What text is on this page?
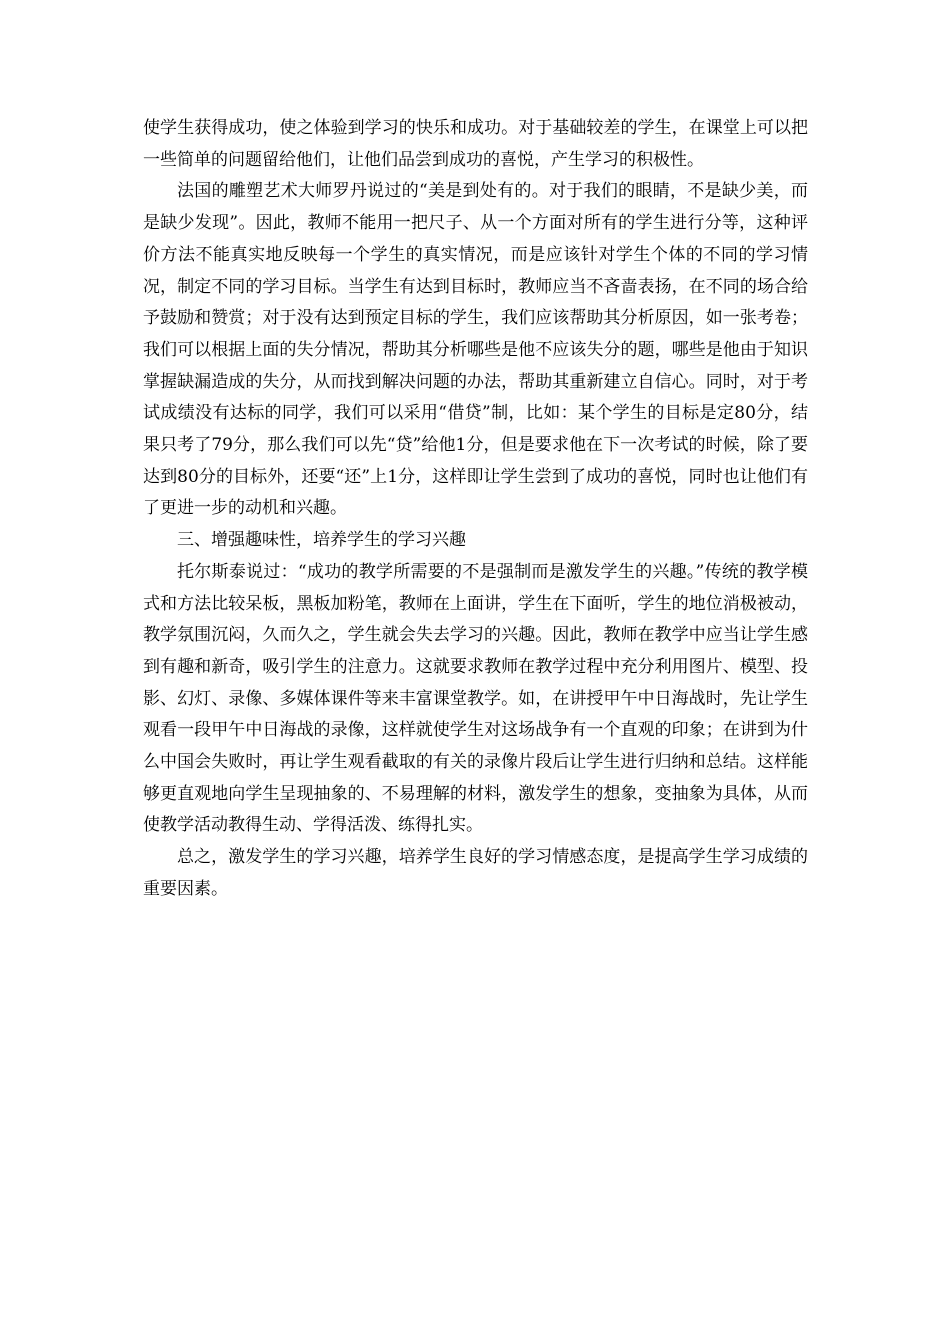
使学生获得成功，使之体验到学习的快乐和成功。对于基础较差的学生，在课堂上可以把一些简单的问题留给他们，让他们品尝到成功的喜悦，产生学习的积极性。

法国的雕塑艺术大师罗丹说过的“美是到处有的。对于我们的眼睛，不是缺少美，而是缺少发现”。因此，教师不能用一把尺子、从一个方面对所有的学生进行分等，这种评价方法不能真实地反映每一个学生的真实情况，而是应该针对学生个体的不同的学习情况，制定不同的学习目标。当学生有达到目标时，教师应当不吝啬表扬，在不同的场合给予鼓励和赞赏；对于没有达到预定目标的学生，我们应该帮助其分析原因，如一张考卷；我们可以根据上面的失分情况，帮助其分析哪些是他不应该失分的题，哪些是他由于知识掌握缺漏造成的失分，从而找到解决问题的办法，帮助其重新建立自信心。同时，对于考试成绩没有达标的同学，我们可以采用“借贷”制，比如：某个学生的目标是定80分，结果只考了79分，那么我们可以先“贷”给他1分，但是要求他在下一次考试的时候，除了要达到80分的目标外，还要“还”上1分，这样即让学生尝到了成功的喜悦，同时也让他们有了更进一步的动机和兴趣。

三、增强趣味性，培养学生的学习兴趣

托尔斯泰说过：“成功的教学所需要的不是强制而是激发学生的兴趣。”传统的教学模式和方法比较呆板，黑板加粉笔，教师在上面讲，学生在下面听，学生的地位消极被动，教学氛围沉闷，久而久之，学生就会失去学习的兴趣。因此，教师在教学中应当让学生感到有趣和新奇，吸引学生的注意力。这就要求教师在教学过程中充分利用图片、模型、投影、幻灯、录像、多媒体课件等来丰富课堂教学。如，在讲授甲午中日海战时，先让学生观看一段甲午中日海战的录像，这样就使学生对这场战争有一个直观的印象；在讲到为什么中国会失败时，再让学生观看截取的有关的录像片段后让学生进行归纳和总结。这样能够更直观地向学生呈现抽象的、不易理解的材料，激发学生的想象，变抽象为具体，从而使教学活动教得生动、学得活泼、练得扎实。

总之，激发学生的学习兴趣，培养学生良好的学习情感态度，是提高学生学习成绩的重要因素。
